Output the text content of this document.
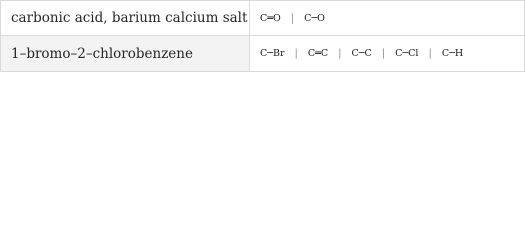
carbonic acid, barium calcium salt C═O	|	C─O
1–bromo–2–chlorobenzene	C─Br	|	C═C	|	C─C	|	C─Cl	|	C─H
